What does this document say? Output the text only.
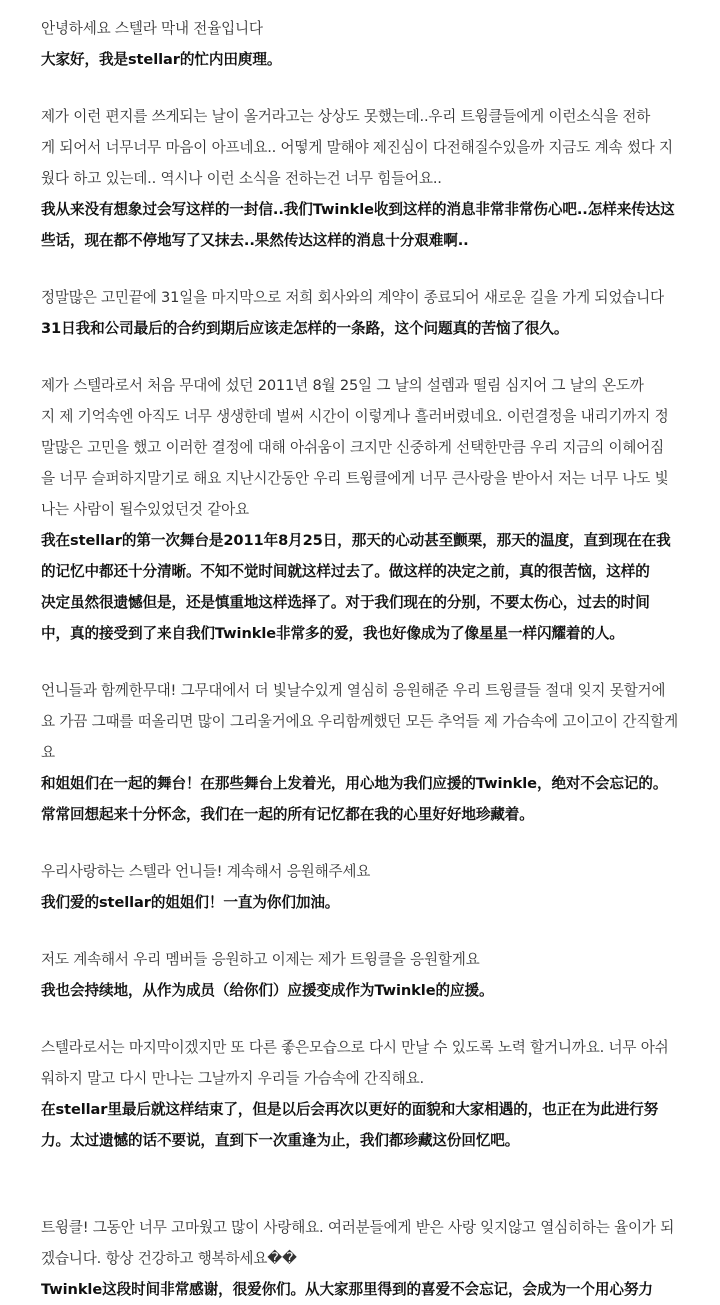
안녕하세요 스텔라 막내 전율입니다
大家好，我是stellar的忙内田庾理。
제가 이런 편지를 쓰게되는 날이 올거라고는 상상도 못했는데..우리 트윙클들에게 이런소식을 전하
게 되어서 너무너무 마음이 아프네요.. 어떻게 말해야 제진심이 다전해질수있을까 지금도 계속 썼다 지
웠다 하고 있는데.. 역시나 이런 소식을 전하는건 너무 힘들어요..
我从来没有想象过会写这样的一封信..我们Twinkle收到这样的消息非常非常伤心吧..怎样来传达这
些话，现在都不停地写了又抹去..果然传达这样的消息十分艰难啊..
정말많은 고민끝에 31일을 마지막으로 저희 회사와의 계약이 종료되어 새로운 길을 가게 되었습니다
31日我和公司最后的合约到期后应该走怎样的一条路，这个问题真的苦恼了很久。
제가 스텔라로서 처음 무대에 섰던 2011년 8월 25일 그 날의 설렘과 떨림 심지어 그 날의 온도까
지 제 기억속엔 아직도 너무 생생한데 벌써 시간이 이렇게나 흘러버렸네요. 이런결정을 내리기까지 정
말많은 고민을 했고 이러한 결정에 대해 아쉬움이 크지만 신중하게 선택한만큼 우리 지금의 이헤어짐
을 너무 슬퍼하지말기로 해요 지난시간동안 우리 트윙클에게 너무 큰사랑을 받아서 저는 너무 나도 빛
나는 사람이 될수있었던것 같아요
我在stellar的第一次舞台是2011年8月25日，那天的心动甚至颤栗，那天的温度，直到现在在我
的记忆中都还十分清晰。不知不觉时间就这样过去了。做这样的决定之前，真的很苦恼，这样的
决定虽然很遗憾但是，还是慎重地这样选择了。对于我们现在的分别，不要太伤心，过去的时间
中，真的接受到了来自我们Twinkle非常多的爱，我也好像成为了像星星一样闪耀着的人。
언니들과 함께한무대! 그무대에서 더 빛날수있게 열심히 응원해준 우리 트윙클들 절대 잊지 못할거에
요 가끔 그때를 떠올리면 많이 그리울거에요 우리함께했던 모든 추억들 제 가슴속에 고이고이 간직할게
요
和姐姐们在一起的舞台！在那些舞台上发着光，用心地为我们应援的Twinkle，绝对不会忘记的。
常常回想起来十分怀念，我们在一起的所有记忆都在我的心里好好地珍藏着。
우리사랑하는 스텔라 언니들! 계속해서 응원해주세요
我们爱的stellar的姐姐们！一直为你们加油。
저도 계속해서 우리 멤버들 응원하고 이제는 제가 트윙클을 응원할게요
我也会持续地，从作为成员（给你们）应援变成作为Twinkle的应援。
스텔라로서는 마지막이겠지만 또 다른 좋은모습으로 다시 만날 수 있도록 노력 할거니까요. 너무 아쉬
워하지 말고 다시 만나는 그날까지 우리들 가슴속에 간직해요.
在stellar里最后就这样结束了，但是以后会再次以更好的面貌和大家相遇的，也正在为此进行努
力。太过遗憾的话不要说，直到下一次重逢为止，我们都珍藏这份回忆吧。
트윙클! 그동안 너무 고마웠고 많이 사랑해요. 여러분들에게 받은 사랑 잊지않고 열심히하는 율이가 되
겠습니다. 항상 건강하고 행복하세요��
Twinkle这段时间非常感谢，很爱你们。从大家那里得到的喜爱不会忘记，会成为一个用心努力
